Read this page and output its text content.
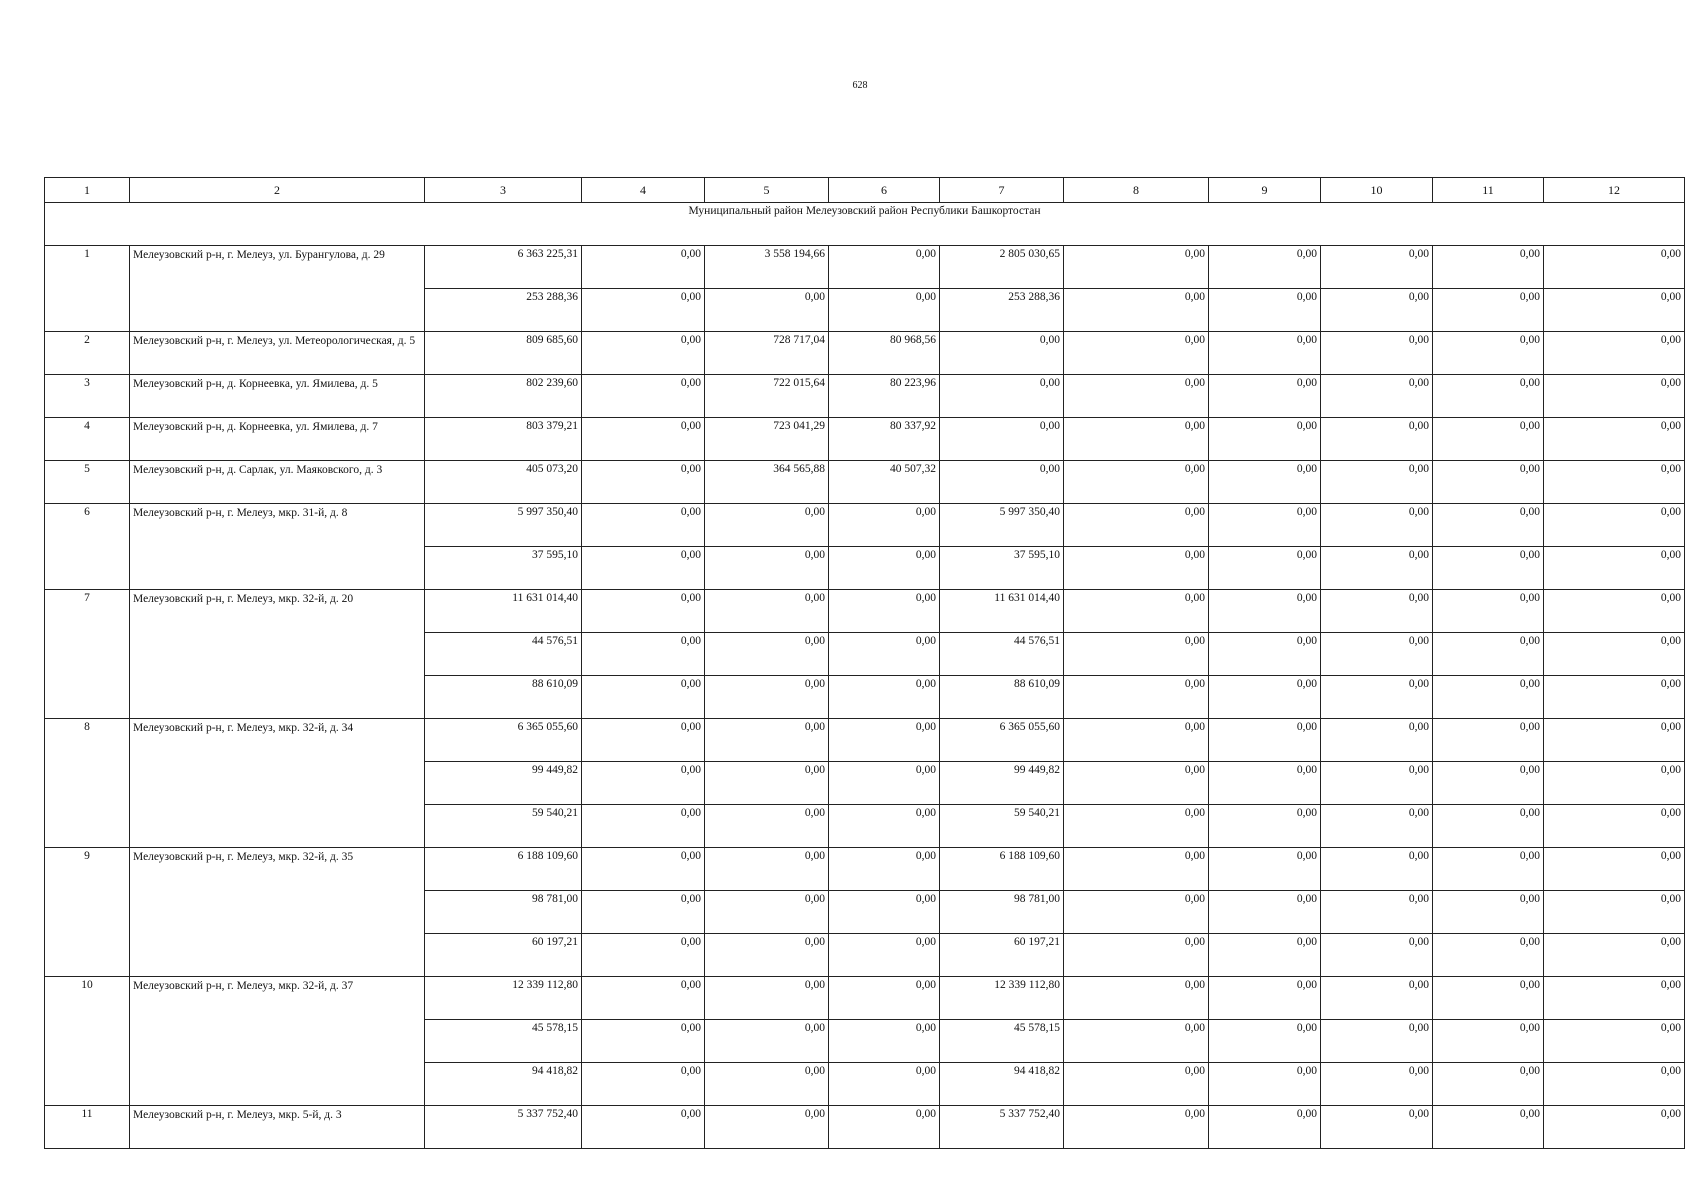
628
1	2	3	4	5	6	7	8	9	10	11	12
Муниципальный район Мелеузовский район Республики Башкортостан											
1	Мелеузовский р-н, г. Мелеуз, ул. Бурангулова, д. 29	6 363 225,31	0,00	3 558 194,66	0,00	2 805 030,65	0,00	0,00	0,00	0,00	0,00
		253 288,36	0,00	0,00	0,00	253 288,36	0,00	0,00	0,00	0,00	0,00
2	Мелеузовский р-н, г. Мелеуз, ул. Метеорологическая, д. 5	809 685,60	0,00	728 717,04	80 968,56	0,00	0,00	0,00	0,00	0,00	0,00
3	Мелеузовский р-н, д. Корнеевка, ул. Ямилева, д. 5	802 239,60	0,00	722 015,64	80 223,96	0,00	0,00	0,00	0,00	0,00	0,00
4	Мелеузовский р-н, д. Корнеевка, ул. Ямилева, д. 7	803 379,21	0,00	723 041,29	80 337,92	0,00	0,00	0,00	0,00	0,00	0,00
5	Мелеузовский р-н, д. Сарлак, ул. Маяковского, д. 3	405 073,20	0,00	364 565,88	40 507,32	0,00	0,00	0,00	0,00	0,00	0,00
6	Мелеузовский р-н, г. Мелеуз, мкр. 31-й, д. 8	5 997 350,40	0,00	0,00	0,00	5 997 350,40	0,00	0,00	0,00	0,00	0,00
		37 595,10	0,00	0,00	0,00	37 595,10	0,00	0,00	0,00	0,00	0,00
7	Мелеузовский р-н, г. Мелеуз, мкр. 32-й, д. 20	11 631 014,40	0,00	0,00	0,00	11 631 014,40	0,00	0,00	0,00	0,00	0,00
		44 576,51	0,00	0,00	0,00	44 576,51	0,00	0,00	0,00	0,00	0,00
		88 610,09	0,00	0,00	0,00	88 610,09	0,00	0,00	0,00	0,00	0,00
8	Мелеузовский р-н, г. Мелеуз, мкр. 32-й, д. 34	6 365 055,60	0,00	0,00	0,00	6 365 055,60	0,00	0,00	0,00	0,00	0,00
		99 449,82	0,00	0,00	0,00	99 449,82	0,00	0,00	0,00	0,00	0,00
		59 540,21	0,00	0,00	0,00	59 540,21	0,00	0,00	0,00	0,00	0,00
9	Мелеузовский р-н, г. Мелеуз, мкр. 32-й, д. 35	6 188 109,60	0,00	0,00	0,00	6 188 109,60	0,00	0,00	0,00	0,00	0,00
		98 781,00	0,00	0,00	0,00	98 781,00	0,00	0,00	0,00	0,00	0,00
		60 197,21	0,00	0,00	0,00	60 197,21	0,00	0,00	0,00	0,00	0,00
10	Мелеузовский р-н, г. Мелеуз, мкр. 32-й, д. 37	12 339 112,80	0,00	0,00	0,00	12 339 112,80	0,00	0,00	0,00	0,00	0,00
		45 578,15	0,00	0,00	0,00	45 578,15	0,00	0,00	0,00	0,00	0,00
		94 418,82	0,00	0,00	0,00	94 418,82	0,00	0,00	0,00	0,00	0,00
11	Мелеузовский р-н, г. Мелеуз, мкр. 5-й, д. 3	5 337 752,40	0,00	0,00	0,00	5 337 752,40	0,00	0,00	0,00	0,00	0,00
